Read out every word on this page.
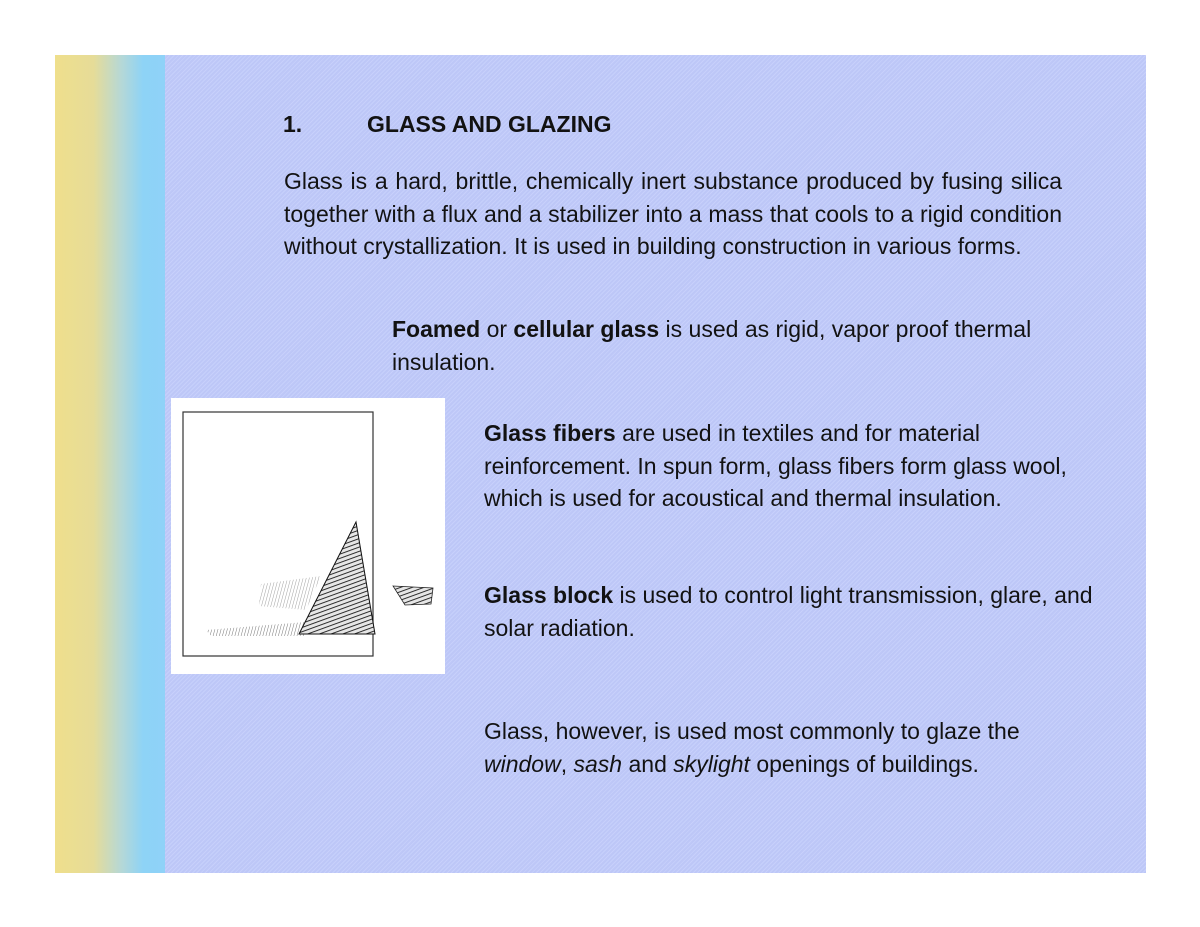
1.	GLASS AND GLAZING
Glass is a hard, brittle, chemically inert substance produced by fusing silica together with a flux and a stabilizer into a mass that cools to a rigid condition without crystallization. It is used in building construction in various forms.
Foamed or cellular glass is used as rigid, vapor proof thermal insulation.
Glass fibers are used in textiles and for material reinforcement. In spun form, glass fibers form glass wool, which is used for acoustical and thermal insulation.
Glass block is used to control light transmission, glare, and solar radiation.
Glass, however, is used most commonly to glaze the window, sash and skylight openings of buildings.
